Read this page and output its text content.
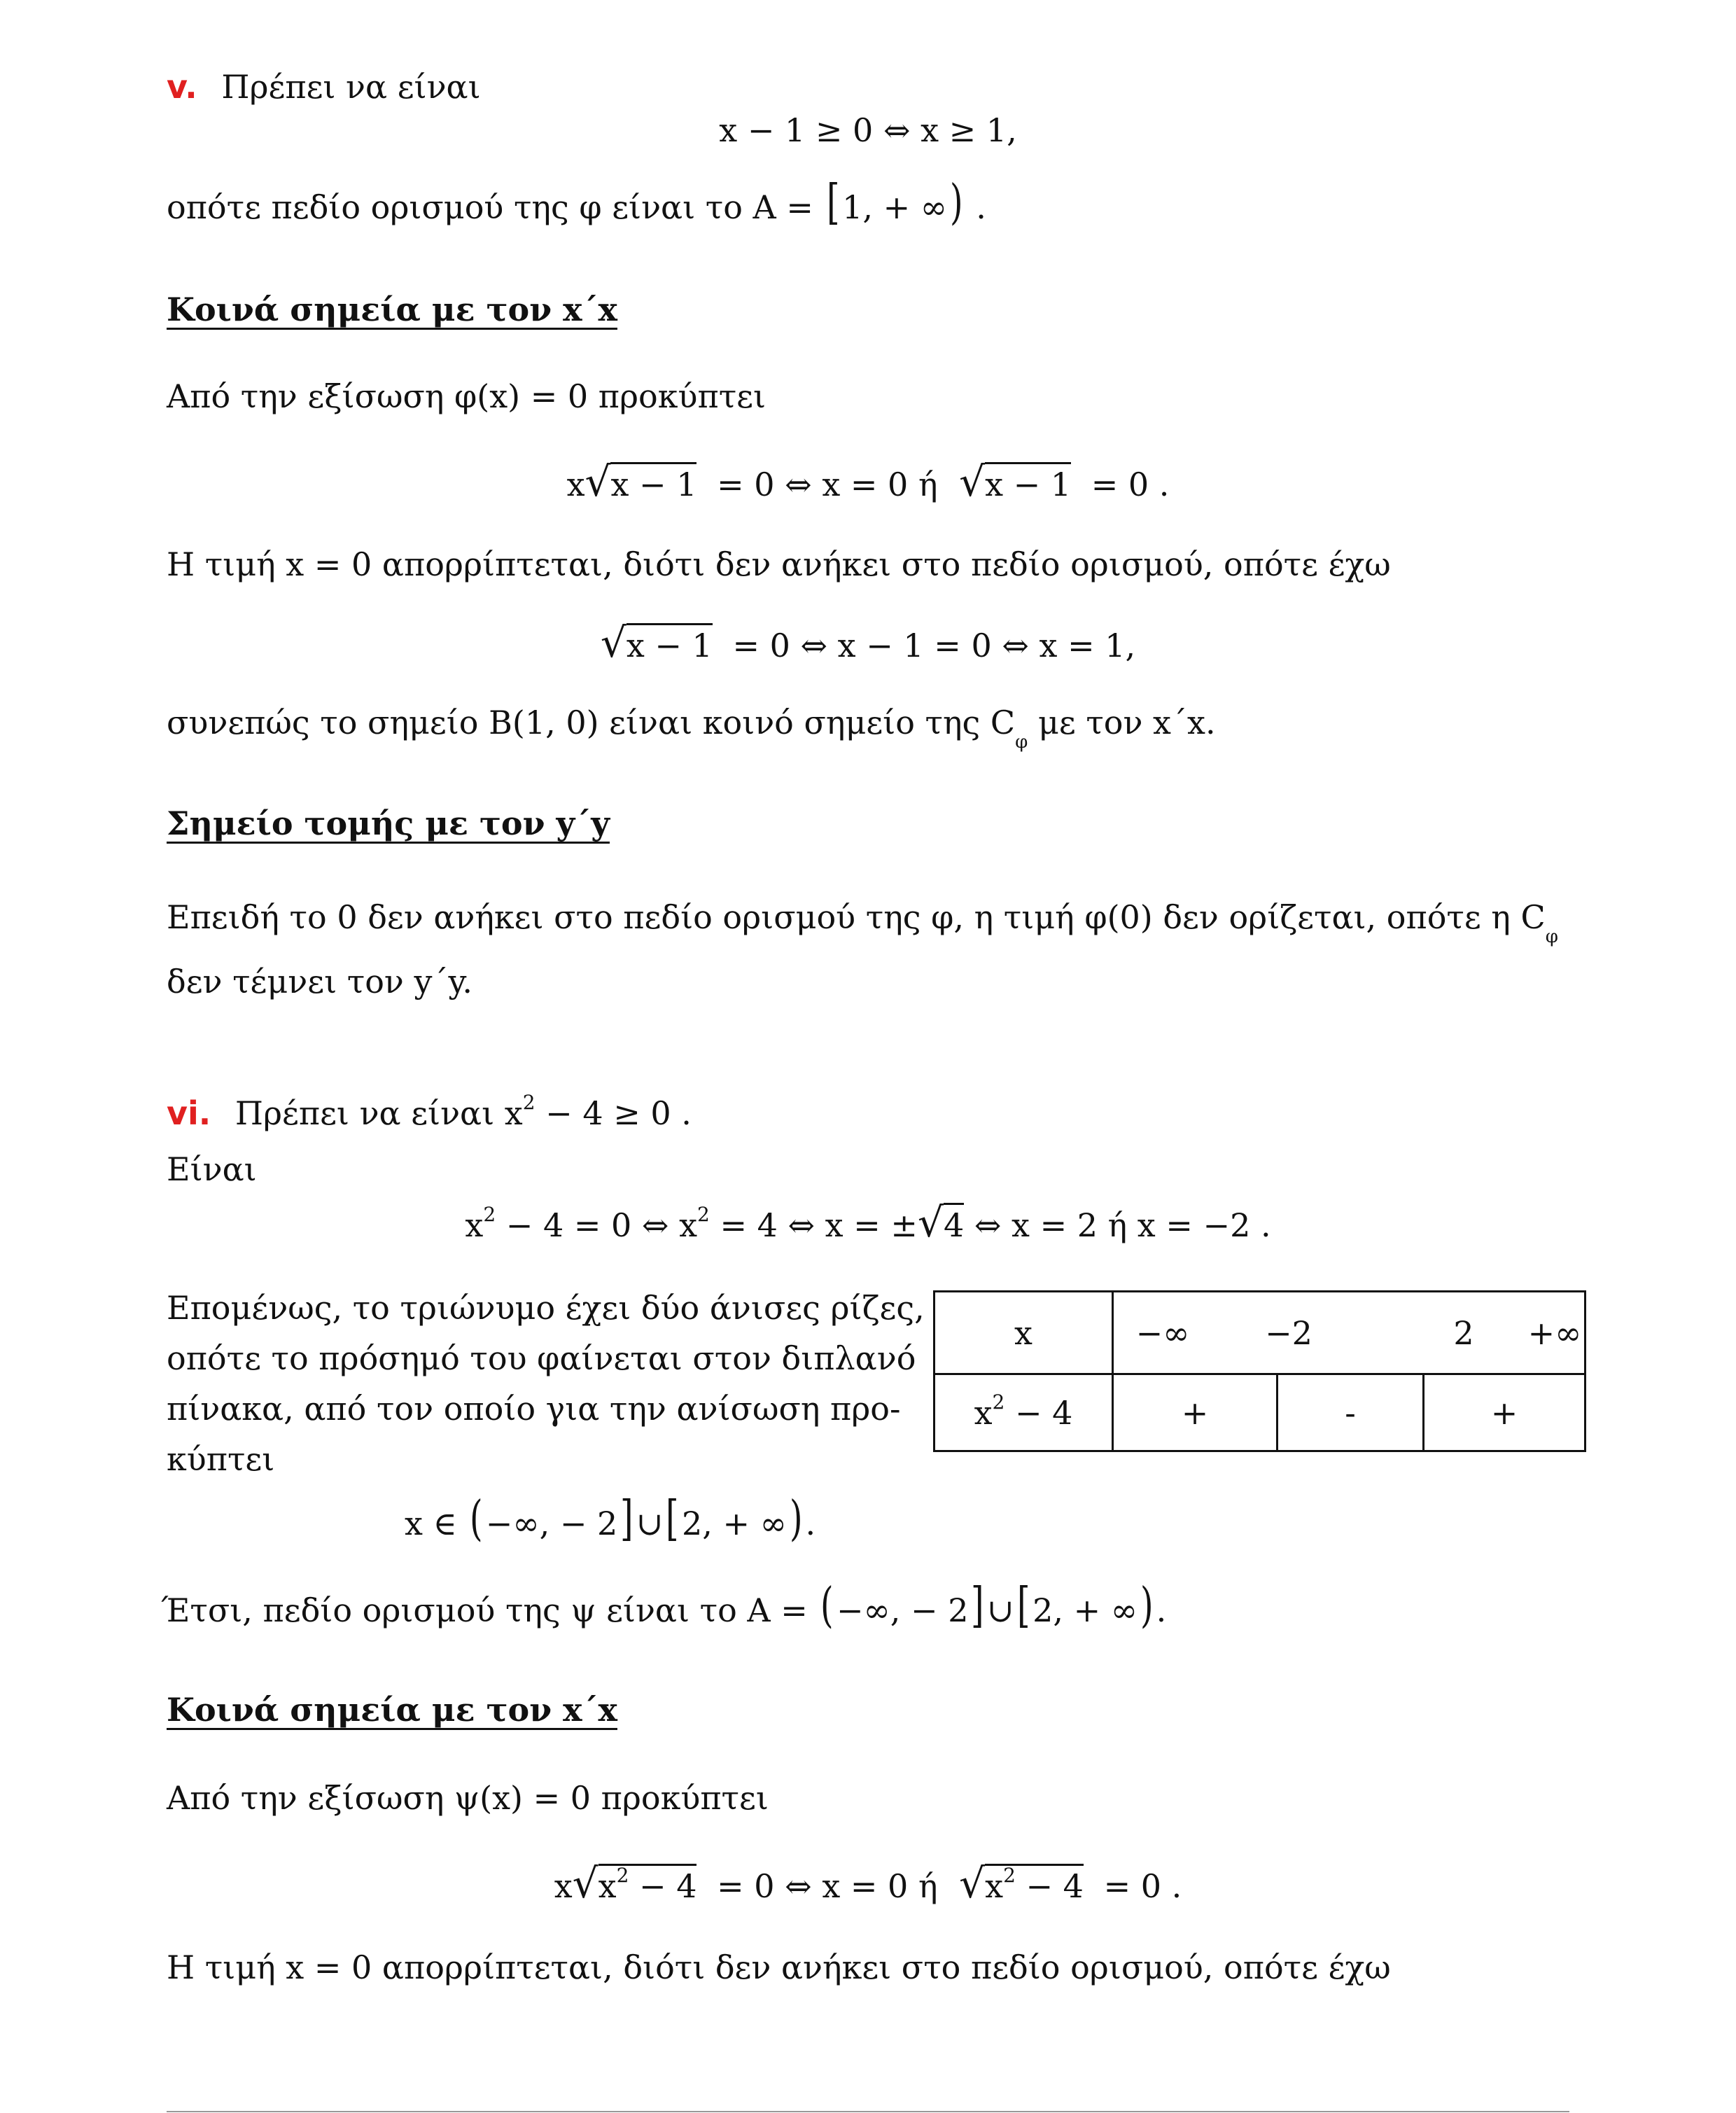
v. Πρέπει να είναι
x − 1 ≥ 0 ⇔ x ≥ 1,
οπότε πεδίο ορισμού της φ είναι το A = [1, + ∞) .
Κοινά σημεία με τον x΄x
Από την εξίσωση φ(x) = 0 προκύπτει
x√x − 1 = 0 ⇔ x = 0 ή √x − 1 = 0 .
Η τιμή x = 0 απορρίπτεται, διότι δεν ανήκει στο πεδίο ορισμού, οπότε έχω
√x − 1 = 0 ⇔ x − 1 = 0 ⇔ x = 1,
συνεπώς το σημείο B(1, 0) είναι κοινό σημείο της $C_\varphi$ με τον x΄x.
Σημείο τομής με τον y΄y
Επειδή το 0 δεν ανήκει στο πεδίο ορισμού της φ, η τιμή φ(0) δεν ορίζεται, οπότε η $C_\varphi$
δεν τέμνει τον y΄y.
vi. Πρέπει να είναι $x^2 - 4 \ge 0$ .
Είναι
$x^2 - 4 = 0$ ⇔ $x^2 = 4$ ⇔ x = ±√4 ⇔ x = 2 ή x = −2 .
Επομένως, το τριώνυμο έχει δύο άνισες ρίζες,
οπότε το πρόσημό του φαίνεται στον διπλανό
πίνακα, από τον οποίο για την ανίσωση προ-
κύπτει
x	−∞ −2 2 +∞		
$x^2 - 4$	+	-	+
x ∈ (−∞, − 2]∪[2, + ∞).
Έτσι, πεδίο ορισμού της ψ είναι το A = (−∞, − 2]∪[2, + ∞).
Κοινά σημεία με τον x΄x
Από την εξίσωση ψ(x) = 0 προκύπτει
$x√x^2 - 4 = 0$ ⇔ x = 0 ή $√x^2 - 4 = 0$ .
Η τιμή x = 0 απορρίπτεται, διότι δεν ανήκει στο πεδίο ορισμού, οπότε έχω
